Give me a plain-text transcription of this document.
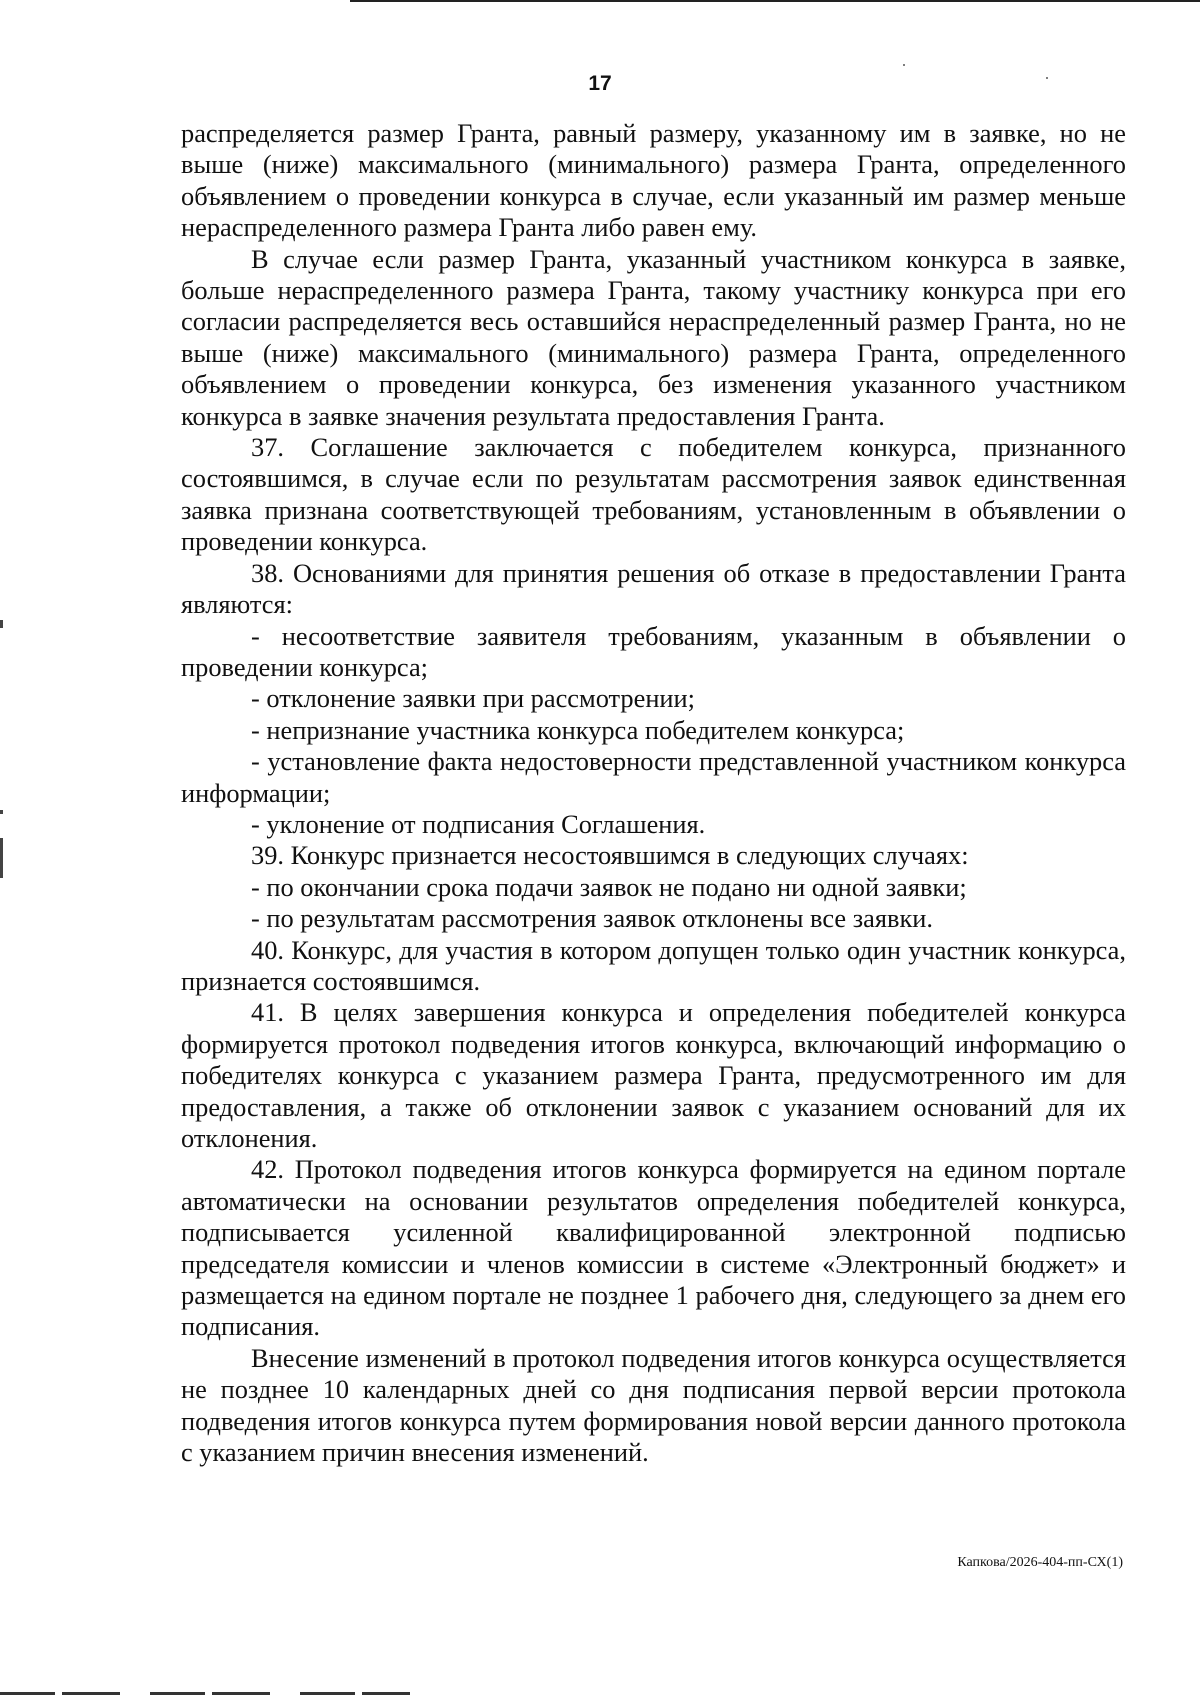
17

распределяется размер Гранта, равный размеру, указанному им в заявке, но не выше (ниже) максимального (минимального) размера Гранта, определенного объявлением о проведении конкурса в случае, если указанный им размер меньше нераспределенного размера Гранта либо равен ему.

В случае если размер Гранта, указанный участником конкурса в заявке, больше нераспределенного размера Гранта, такому участнику конкурса при его согласии распределяется весь оставшийся нераспределенный размер Гранта, но не выше (ниже) максимального (минимального) размера Гранта, определенного объявлением о проведении конкурса, без изменения указанного участником конкурса в заявке значения результата предоставления Гранта.

37. Соглашение заключается с победителем конкурса, признанного состоявшимся, в случае если по результатам рассмотрения заявок единственная заявка признана соответствующей требованиям, установленным в объявлении о проведении конкурса.

38. Основаниями для принятия решения об отказе в предоставлении Гранта являются:

- несоответствие заявителя требованиям, указанным в объявлении о проведении конкурса;

- отклонение заявки при рассмотрении;

- непризнание участника конкурса победителем конкурса;

- установление факта недостоверности представленной участником конкурса информации;

- уклонение от подписания Соглашения.

39. Конкурс признается несостоявшимся в следующих случаях:

- по окончании срока подачи заявок не подано ни одной заявки;

- по результатам рассмотрения заявок отклонены все заявки.

40. Конкурс, для участия в котором допущен только один участник конкурса, признается состоявшимся.

41. В целях завершения конкурса и определения победителей конкурса формируется протокол подведения итогов конкурса, включающий информацию о победителях конкурса с указанием размера Гранта, предусмотренного им для предоставления, а также об отклонении заявок с указанием оснований для их отклонения.

42. Протокол подведения итогов конкурса формируется на едином портале автоматически на основании результатов определения победителей конкурса, подписывается усиленной квалифицированной электронной подписью председателя комиссии и членов комиссии в системе «Электронный бюджет» и размещается на едином портале не позднее 1 рабочего дня, следующего за днем его подписания.

Внесение изменений в протокол подведения итогов конкурса осуществляется не позднее 10 календарных дней со дня подписания первой версии протокола подведения итогов конкурса путем формирования новой версии данного протокола с указанием причин внесения изменений.

Капкова/2026-404-пп-СХ(1)
